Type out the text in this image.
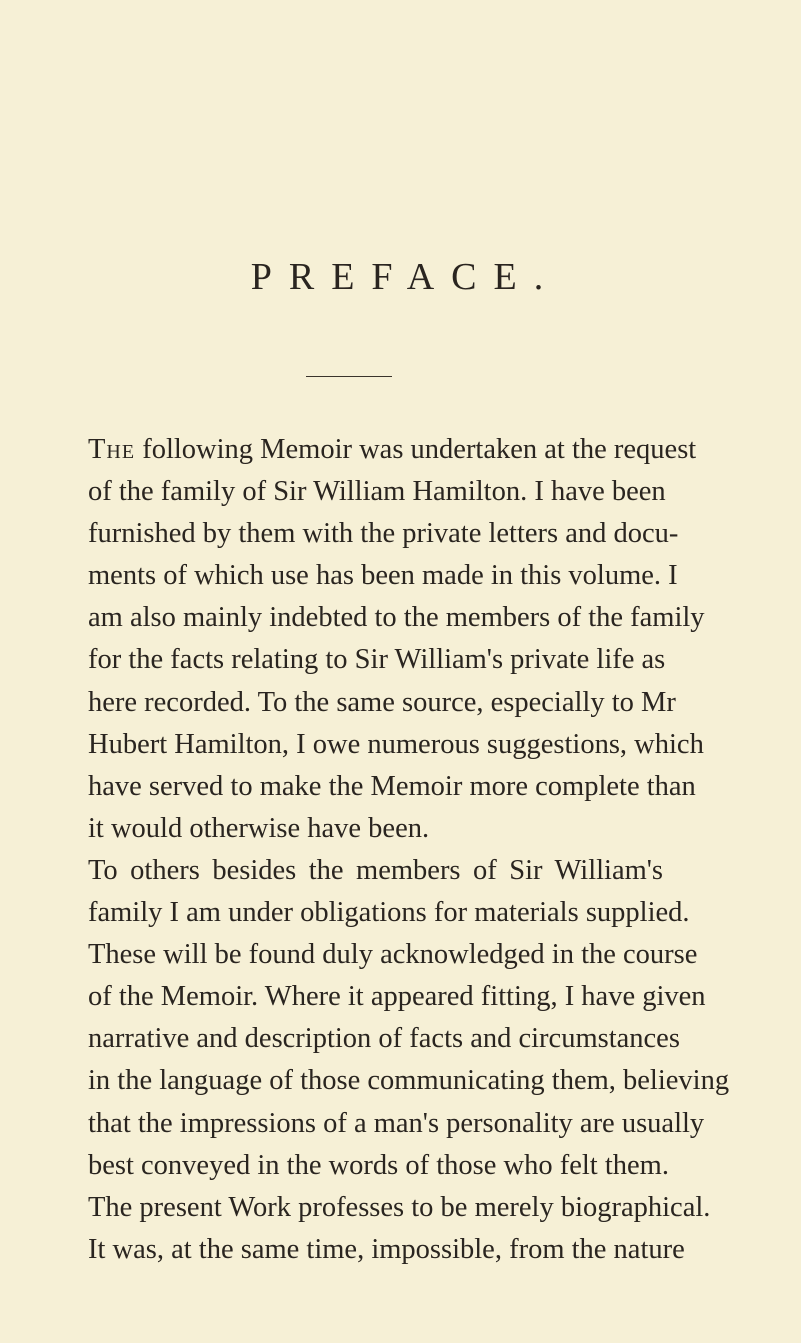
PREFACE.
The following Memoir was undertaken at the request
of the family of Sir William Hamilton. I have been
furnished by them with the private letters and docu-
ments of which use has been made in this volume. I
am also mainly indebted to the members of the family
for the facts relating to Sir William's private life as
here recorded. To the same source, especially to Mr
Hubert Hamilton, I owe numerous suggestions, which
have served to make the Memoir more complete than
it would otherwise have been.
To others besides the members of Sir William's
family I am under obligations for materials supplied.
These will be found duly acknowledged in the course
of the Memoir. Where it appeared fitting, I have given
narrative and description of facts and circumstances
in the language of those communicating them, believing
that the impressions of a man's personality are usually
best conveyed in the words of those who felt them.
The present Work professes to be merely biographical.
It was, at the same time, impossible, from the nature
